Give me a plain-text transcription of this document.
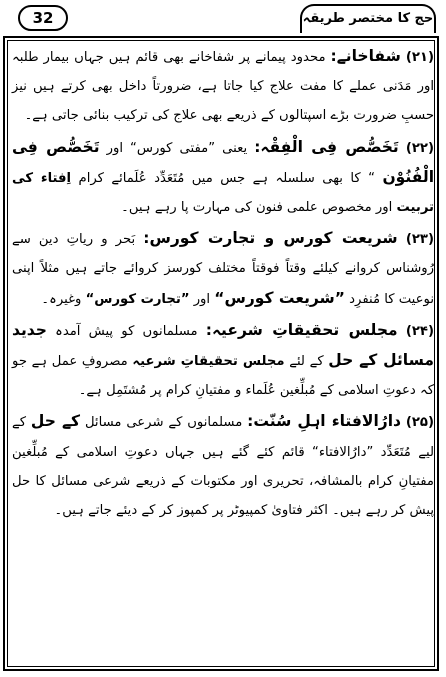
32	حج کا مختصر طریقہ

(۲۱) شفاخانے: محدود پیمانے پر شفاخانے بھی قائم ہیں جہاں بیمار طلبہ اور مَدَنی عملے کا مفت علاج کیا جاتا ہے، ضرورتاً داخل بھی کرتے ہیں نیز حسبِ ضرورت بڑے اسپتالوں کے ذریعے بھی علاج کی ترکیب بنائی جاتی ہے۔

(۲۲) تَخَصُّص فِی الْفِقْہ: یعنی ”مفتی کورس“ اور تَخَصُّص فِی الْفُنُوْن “ کا بھی سلسلہ ہے جس میں مُتَعَدِّد عُلَمائے کرام اِفتاء کی تربیت اور مخصوص علمی فنون کی مہارت پا رہے ہیں۔

(۲۳) شریعت کورس و تجارت کورس: بَحر و ریاتِ دین سے رُوشناس کروانے کیلئے وقتاً فوقتاً مختلف کورسز کروائے جاتے ہیں مثلاً اپنی نوعیت کا مُنفرِد ”شریعت کورس“ اور ”تجارت کورس“ وغیرہ۔

(۲۴) مجلس تحقیقاتِ شرعیہ: مسلمانوں کو پیش آمدہ جدید مسائل کے حل کے لئے مجلس تحقیقاتِ شرعیہ مصروفِ عمل ہے جو کہ دعوتِ اسلامی کے مُبلِّغین عُلَماء و مفتیانِ کرام پر مُشتَمِل ہے۔

(۲۵) دارُالافتاء اہلِ سُنّت: مسلمانوں کے شرعی مسائل کے حل کے لیے مُتَعَدِّد ”دارُالافتاء“ قائم کئے گئے ہیں جہاں دعوتِ اسلامی کے مُبلِّغین مفتیانِ کرام بالمشافہ، تحریری اور مکتوبات کے ذریعے شرعی مسائل کا حل پیش کر رہے ہیں۔ اکثر فتاویٰ کمپیوٹر پر کمپوز کر کے دیئے جاتے ہیں۔
